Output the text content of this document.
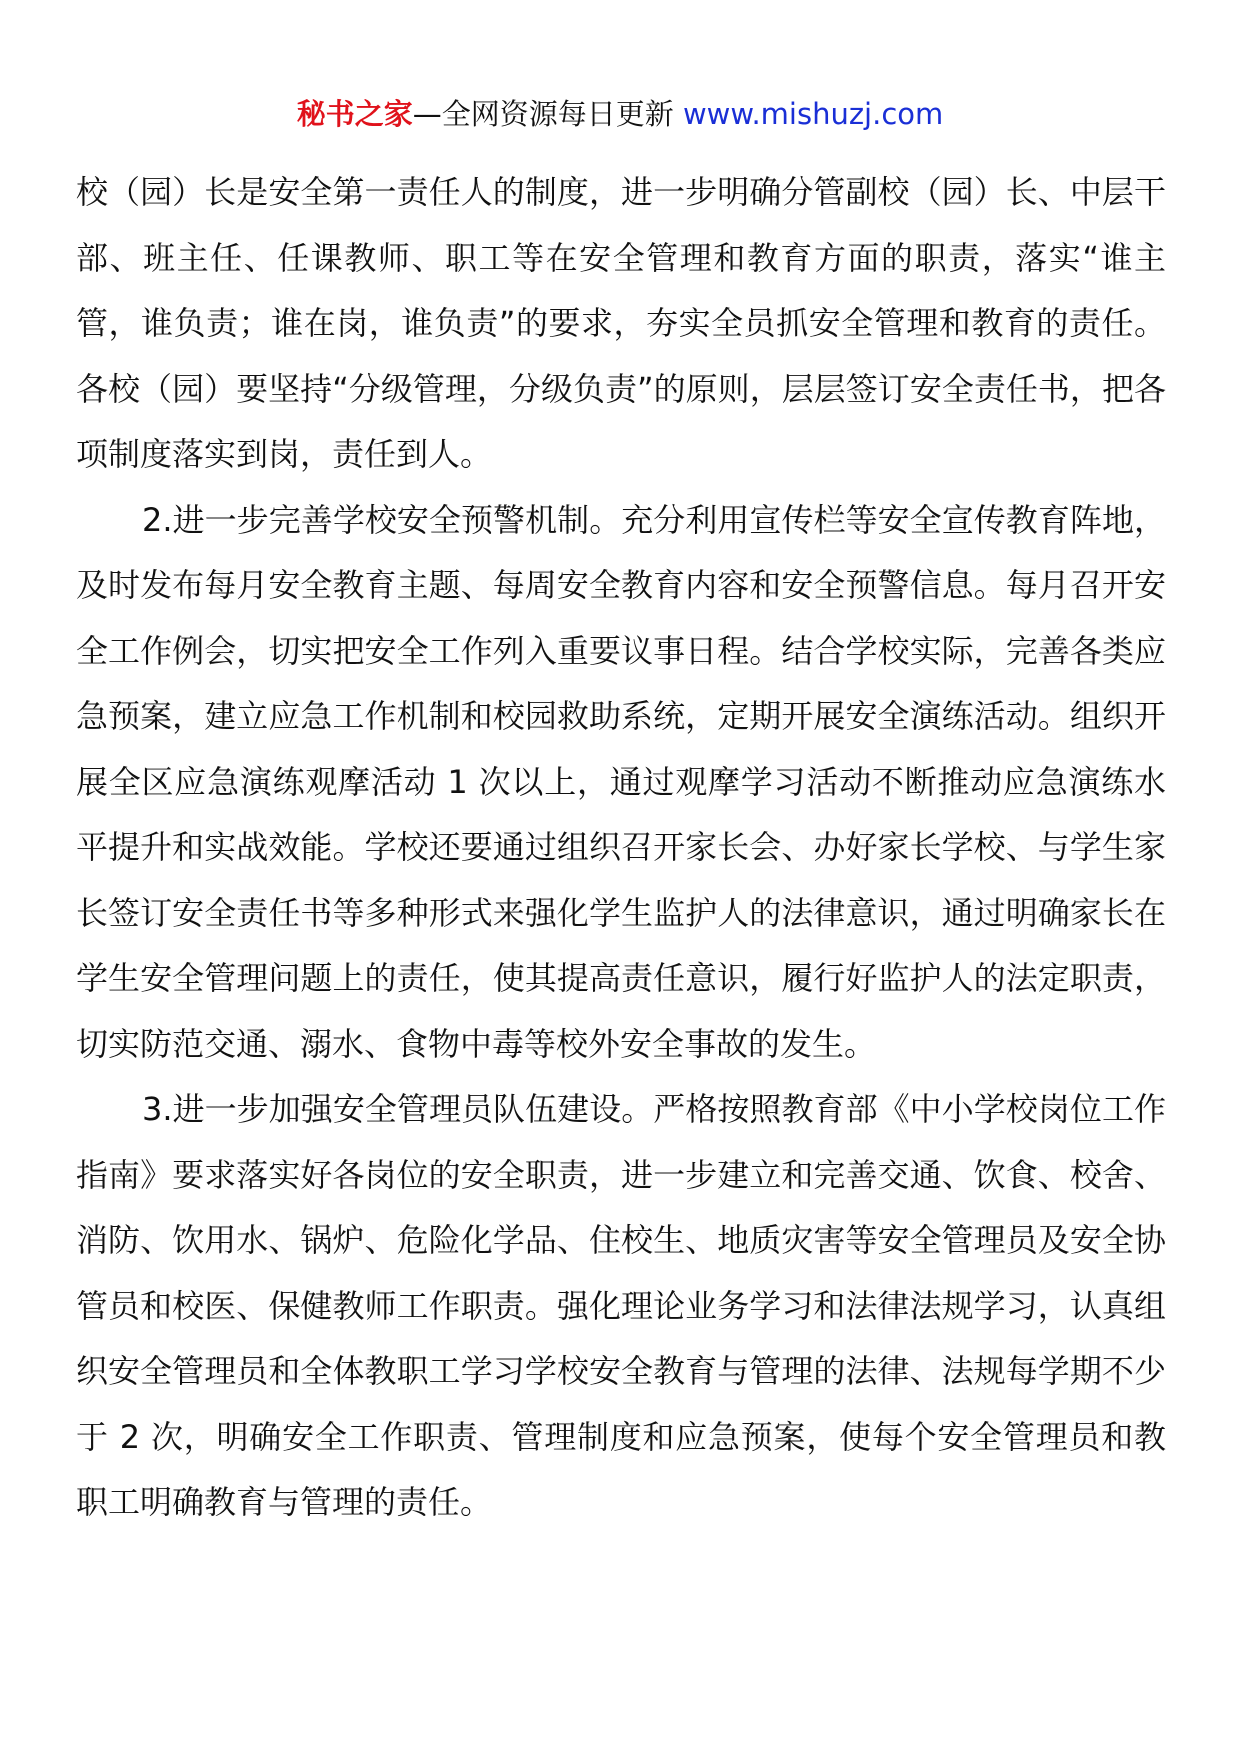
秘书之家—全网资源每日更新 www.mishuzj.com

校（园）长是安全第一责任人的制度，进一步明确分管副校（园）长、中层干部、班主任、任课教师、职工等在安全管理和教育方面的职责，落实“谁主管，谁负责；谁在岗，谁负责”的要求，夯实全员抓安全管理和教育的责任。各校（园）要坚持“分级管理，分级负责”的原则，层层签订安全责任书，把各项制度落实到岗，责任到人。

2.进一步完善学校安全预警机制。充分利用宣传栏等安全宣传教育阵地，及时发布每月安全教育主题、每周安全教育内容和安全预警信息。每月召开安全工作例会，切实把安全工作列入重要议事日程。结合学校实际，完善各类应急预案，建立应急工作机制和校园救助系统，定期开展安全演练活动。组织开展全区应急演练观摩活动 1 次以上，通过观摩学习活动不断推动应急演练水平提升和实战效能。学校还要通过组织召开家长会、办好家长学校、与学生家长签订安全责任书等多种形式来强化学生监护人的法律意识，通过明确家长在学生安全管理问题上的责任，使其提高责任意识，履行好监护人的法定职责，切实防范交通、溺水、食物中毒等校外安全事故的发生。

3.进一步加强安全管理员队伍建设。严格按照教育部《中小学校岗位工作指南》要求落实好各岗位的安全职责，进一步建立和完善交通、饮食、校舍、消防、饮用水、锅炉、危险化学品、住校生、地质灾害等安全管理员及安全协管员和校医、保健教师工作职责。强化理论业务学习和法律法规学习，认真组织安全管理员和全体教职工学习学校安全教育与管理的法律、法规每学期不少于 2 次，明确安全工作职责、管理制度和应急预案，使每个安全管理员和教职工明确教育与管理的责任。
